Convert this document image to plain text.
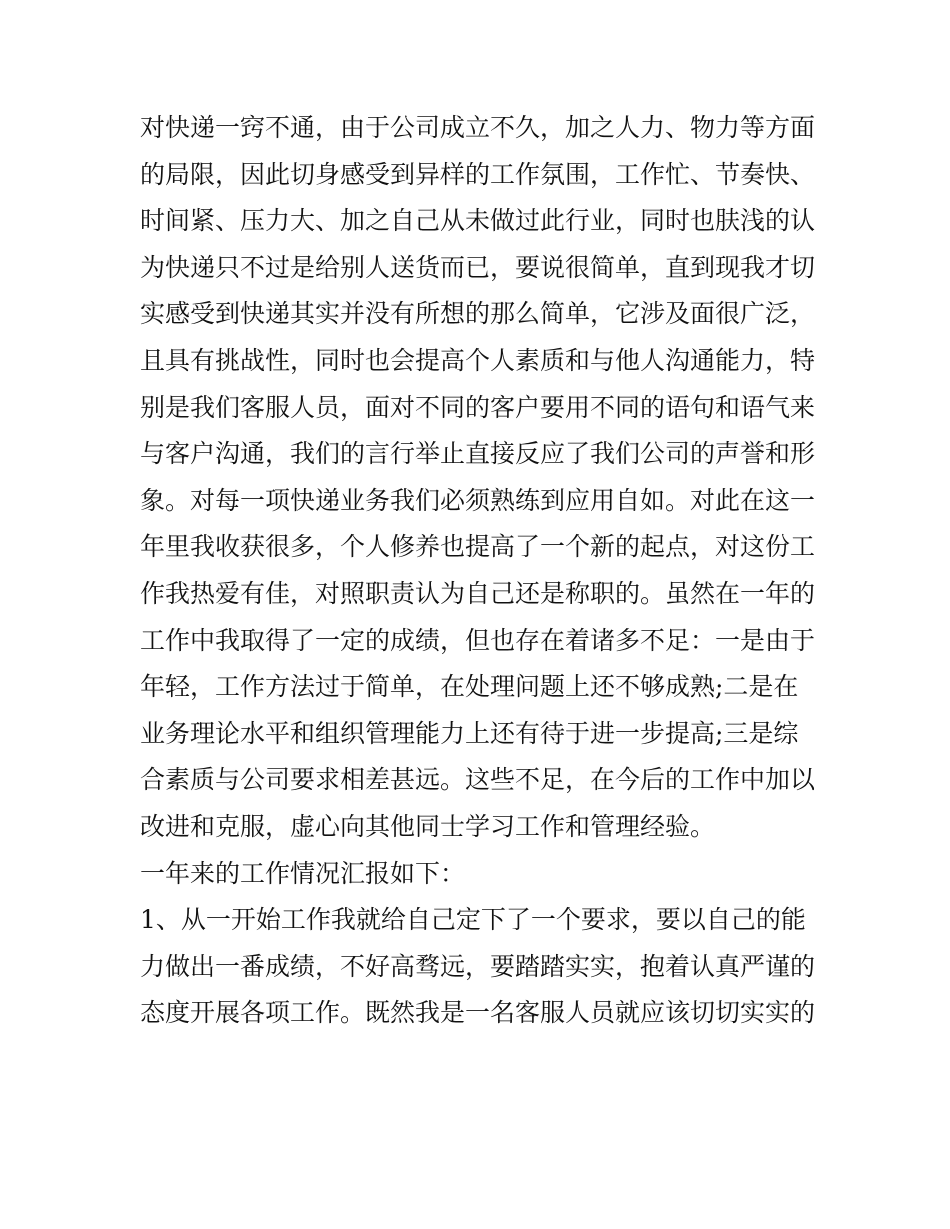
对快递一窍不通，由于公司成立不久，加之人力、物力等方面
的局限，因此切身感受到异样的工作氛围，工作忙、节奏快、
时间紧、压力大、加之自己从未做过此行业，同时也肤浅的认
为快递只不过是给别人送货而已，要说很简单，直到现我才切
实感受到快递其实并没有所想的那么简单，它涉及面很广泛，
且具有挑战性，同时也会提高个人素质和与他人沟通能力，特
别是我们客服人员，面对不同的客户要用不同的语句和语气来
与客户沟通，我们的言行举止直接反应了我们公司的声誉和形
象。对每一项快递业务我们必须熟练到应用自如。对此在这一
年里我收获很多，个人修养也提高了一个新的起点，对这份工
作我热爱有佳，对照职责认为自己还是称职的。虽然在一年的
工作中我取得了一定的成绩，但也存在着诸多不足：一是由于
年轻，工作方法过于简单，在处理问题上还不够成熟;二是在
业务理论水平和组织管理能力上还有待于进一步提高;三是综
合素质与公司要求相差甚远。这些不足，在今后的工作中加以
改进和克服，虚心向其他同士学习工作和管理经验。
一年来的工作情况汇报如下：
1、从一开始工作我就给自己定下了一个要求，要以自己的能
力做出一番成绩，不好高骛远，要踏踏实实，抱着认真严谨的
态度开展各项工作。既然我是一名客服人员就应该切切实实的
